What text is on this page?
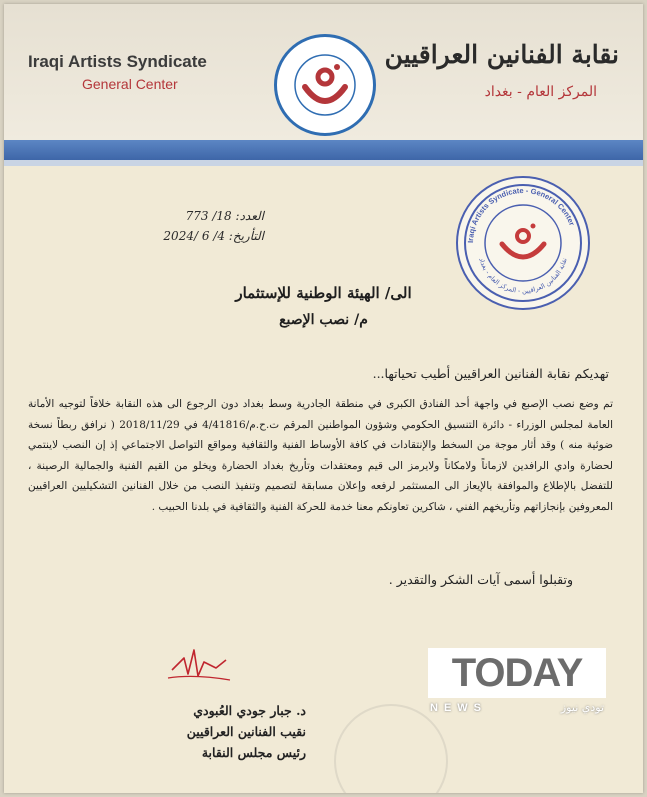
Iraqi Artists Syndicate
General Center
نقابة الفنانين العراقيين
المركز العام - بغداد
العدد: 18/ 773
التأريخ: 4/ 6 /2024	Iraqi Artists Syndicate - General Center
نقابة الفنانين العراقيين - المركز العام - بغداد
الى/ الهيئة الوطنية للإستثمار
م/ نصب الإصبع
تهديكم نقابة الفنانين العراقيين أطيب تحياتها...
تم وضع نصب الإصبع في واجهة أحد الفنادق الكبرى في منطقة الجادرية وسط بغداد دون الرجوع الى هذه النقابة خلافاً لتوجيه الأمانة العامة لمجلس الوزراء - دائرة التنسيق الحكومي وشؤون المواطنين المرقم ت.ح.م/4/41816 في 2018/11/29 ( نرافق ربطاً نسخة ضوئية منه ) وقد أثار موجة من السخط والإنتقادات في كافة الأوساط الفنية والثقافية ومواقع التواصل الاجتماعي إذ إن النصب لاينتمي لحضارة وادي الرافدين لازماناً ولامكاناً ولايرمز الى قيم ومعتقدات وتأريخ بغداد الحضارة ويخلو من القيم الفنية والجمالية الرصينة ، للتفضل بالإطلاع والموافقة بالإيعاز الى المستثمر لرفعه وإعلان مسابقة لتصميم وتنفيذ النصب من خلال الفنانين التشكيليين العراقيين المعروفين بإنجازاتهم وتأريخهم الفني ، شاكرين تعاونكم معنا خدمة للحركة الفنية والثقافية في بلدنا الحبيب .
وتقبلوا أسمى آيات الشكر والتقدير .
د. جبار جودي العُبودي
نقيب الفنانين العراقيين
رئيس مجلس النقابة
TODAY
NEWS	تودي نيوز
